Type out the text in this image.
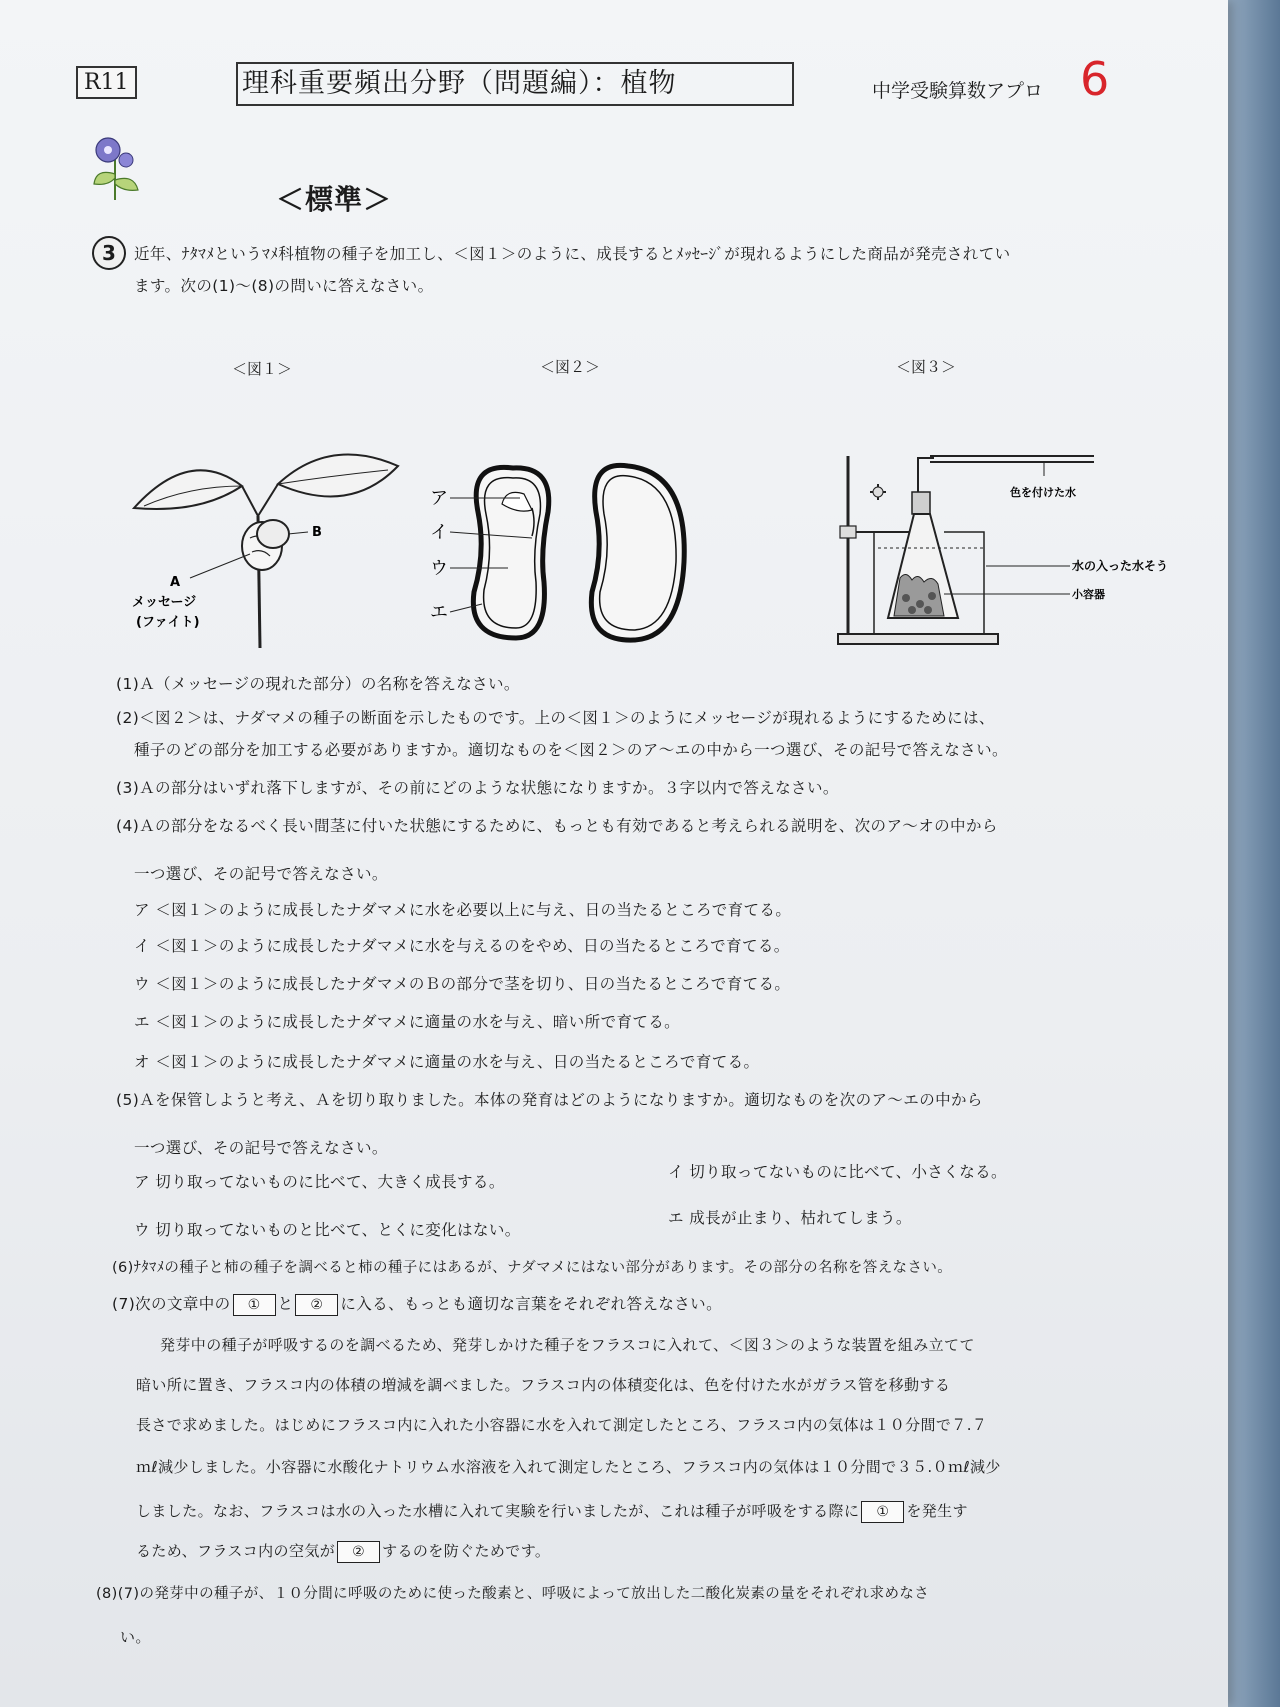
R11	理科重要頻出分野（問題編）：植物	中学受験算数アプロ 6
＜標準＞
3	近年、ﾅﾀﾏﾒというﾏﾒ科植物の種子を加工し、＜図１＞のように、成長するとﾒｯｾｰｼﾞが現れるようにした商品が発売されてい
ます。次の(1)〜(8)の問いに答えなさい。
＜図１＞	＜図２＞	＜図３＞
A
B
メッセージ
(ファイト)
ア
イ
ウ
エ
色を付けた水
水の入った水そう
小容器
(1)Ａ（メッセージの現れた部分）の名称を答えなさい。
(2)＜図２＞は、ナダマメの種子の断面を示したものです。上の＜図１＞のようにメッセージが現れるようにするためには、
種子のどの部分を加工する必要がありますか。適切なものを＜図２＞のア〜エの中から一つ選び、その記号で答えなさい。
(3)Ａの部分はいずれ落下しますが、その前にどのような状態になりますか。３字以内で答えなさい。
(4)Ａの部分をなるべく長い間茎に付いた状態にするために、もっとも有効であると考えられる説明を、次のア〜オの中から
一つ選び、その記号で答えなさい。
ア ＜図１＞のように成長したナダマメに水を必要以上に与え、日の当たるところで育てる。
イ ＜図１＞のように成長したナダマメに水を与えるのをやめ、日の当たるところで育てる。
ウ ＜図１＞のように成長したナダマメのＢの部分で茎を切り、日の当たるところで育てる。
エ ＜図１＞のように成長したナダマメに適量の水を与え、暗い所で育てる。
オ ＜図１＞のように成長したナダマメに適量の水を与え、日の当たるところで育てる。
(5)Ａを保管しようと考え、Ａを切り取りました。本体の発育はどのようになりますか。適切なものを次のア〜エの中から
一つ選び、その記号で答えなさい。
ア 切り取ってないものに比べて、大きく成長する。
イ 切り取ってないものに比べて、小さくなる。
ウ 切り取ってないものと比べて、とくに変化はない。
エ 成長が止まり、枯れてしまう。
(6)ﾅﾀﾏﾒの種子と柿の種子を調べると柿の種子にはあるが、ナダマメにはない部分があります。その部分の名称を答えなさい。
(7)次の文章中の ① と ② に入る、もっとも適切な言葉をそれぞれ答えなさい。
発芽中の種子が呼吸するのを調べるため、発芽しかけた種子をフラスコに入れて、＜図３＞のような装置を組み立てて
暗い所に置き、フラスコ内の体積の増減を調べました。フラスコ内の体積変化は、色を付けた水がガラス管を移動する
長さで求めました。はじめにフラスコ内に入れた小容器に水を入れて測定したところ、フラスコ内の気体は１０分間で７.７
ｍℓ減少しました。小容器に水酸化ナトリウム水溶液を入れて測定したところ、フラスコ内の気体は１０分間で３５.０ｍℓ減少
しました。なお、フラスコは水の入った水槽に入れて実験を行いましたが、これは種子が呼吸をする際に ① を発生す
るため、フラスコ内の空気が ② するのを防ぐためです。
(8)(7)の発芽中の種子が、１０分間に呼吸のために使った酸素と、呼吸によって放出した二酸化炭素の量をそれぞれ求めなさ
い。
